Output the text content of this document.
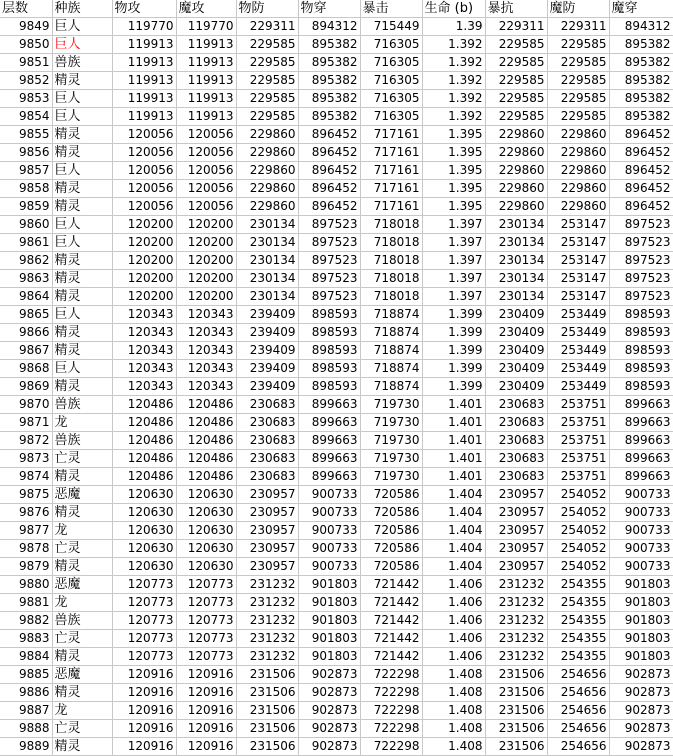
层数	种族	物攻	魔攻	物防	物穿	暴击	生命 (b)	暴抗	魔防	魔穿
9849	巨人	119770	119770	229311	894312	715449	1.39	229311	229311	894312
9850	巨人	119913	119913	229585	895382	716305	1.392	229585	229585	895382
9851	兽族	119913	119913	229585	895382	716305	1.392	229585	229585	895382
9852	精灵	119913	119913	229585	895382	716305	1.392	229585	229585	895382
9853	巨人	119913	119913	229585	895382	716305	1.392	229585	229585	895382
9854	巨人	119913	119913	229585	895382	716305	1.392	229585	229585	895382
9855	精灵	120056	120056	229860	896452	717161	1.395	229860	229860	896452
9856	精灵	120056	120056	229860	896452	717161	1.395	229860	229860	896452
9857	巨人	120056	120056	229860	896452	717161	1.395	229860	229860	896452
9858	精灵	120056	120056	229860	896452	717161	1.395	229860	229860	896452
9859	精灵	120056	120056	229860	896452	717161	1.395	229860	229860	896452
9860	巨人	120200	120200	230134	897523	718018	1.397	230134	253147	897523
9861	巨人	120200	120200	230134	897523	718018	1.397	230134	253147	897523
9862	精灵	120200	120200	230134	897523	718018	1.397	230134	253147	897523
9863	精灵	120200	120200	230134	897523	718018	1.397	230134	253147	897523
9864	精灵	120200	120200	230134	897523	718018	1.397	230134	253147	897523
9865	巨人	120343	120343	239409	898593	718874	1.399	230409	253449	898593
9866	精灵	120343	120343	239409	898593	718874	1.399	230409	253449	898593
9867	精灵	120343	120343	239409	898593	718874	1.399	230409	253449	898593
9868	巨人	120343	120343	239409	898593	718874	1.399	230409	253449	898593
9869	精灵	120343	120343	239409	898593	718874	1.399	230409	253449	898593
9870	兽族	120486	120486	230683	899663	719730	1.401	230683	253751	899663
9871	龙	120486	120486	230683	899663	719730	1.401	230683	253751	899663
9872	兽族	120486	120486	230683	899663	719730	1.401	230683	253751	899663
9873	亡灵	120486	120486	230683	899663	719730	1.401	230683	253751	899663
9874	精灵	120486	120486	230683	899663	719730	1.401	230683	253751	899663
9875	恶魔	120630	120630	230957	900733	720586	1.404	230957	254052	900733
9876	精灵	120630	120630	230957	900733	720586	1.404	230957	254052	900733
9877	龙	120630	120630	230957	900733	720586	1.404	230957	254052	900733
9878	亡灵	120630	120630	230957	900733	720586	1.404	230957	254052	900733
9879	精灵	120630	120630	230957	900733	720586	1.404	230957	254052	900733
9880	恶魔	120773	120773	231232	901803	721442	1.406	231232	254355	901803
9881	龙	120773	120773	231232	901803	721442	1.406	231232	254355	901803
9882	兽族	120773	120773	231232	901803	721442	1.406	231232	254355	901803
9883	亡灵	120773	120773	231232	901803	721442	1.406	231232	254355	901803
9884	精灵	120773	120773	231232	901803	721442	1.406	231232	254355	901803
9885	恶魔	120916	120916	231506	902873	722298	1.408	231506	254656	902873
9886	精灵	120916	120916	231506	902873	722298	1.408	231506	254656	902873
9887	龙	120916	120916	231506	902873	722298	1.408	231506	254656	902873
9888	亡灵	120916	120916	231506	902873	722298	1.408	231506	254656	902873
9889	精灵	120916	120916	231506	902873	722298	1.408	231506	254656	902873
